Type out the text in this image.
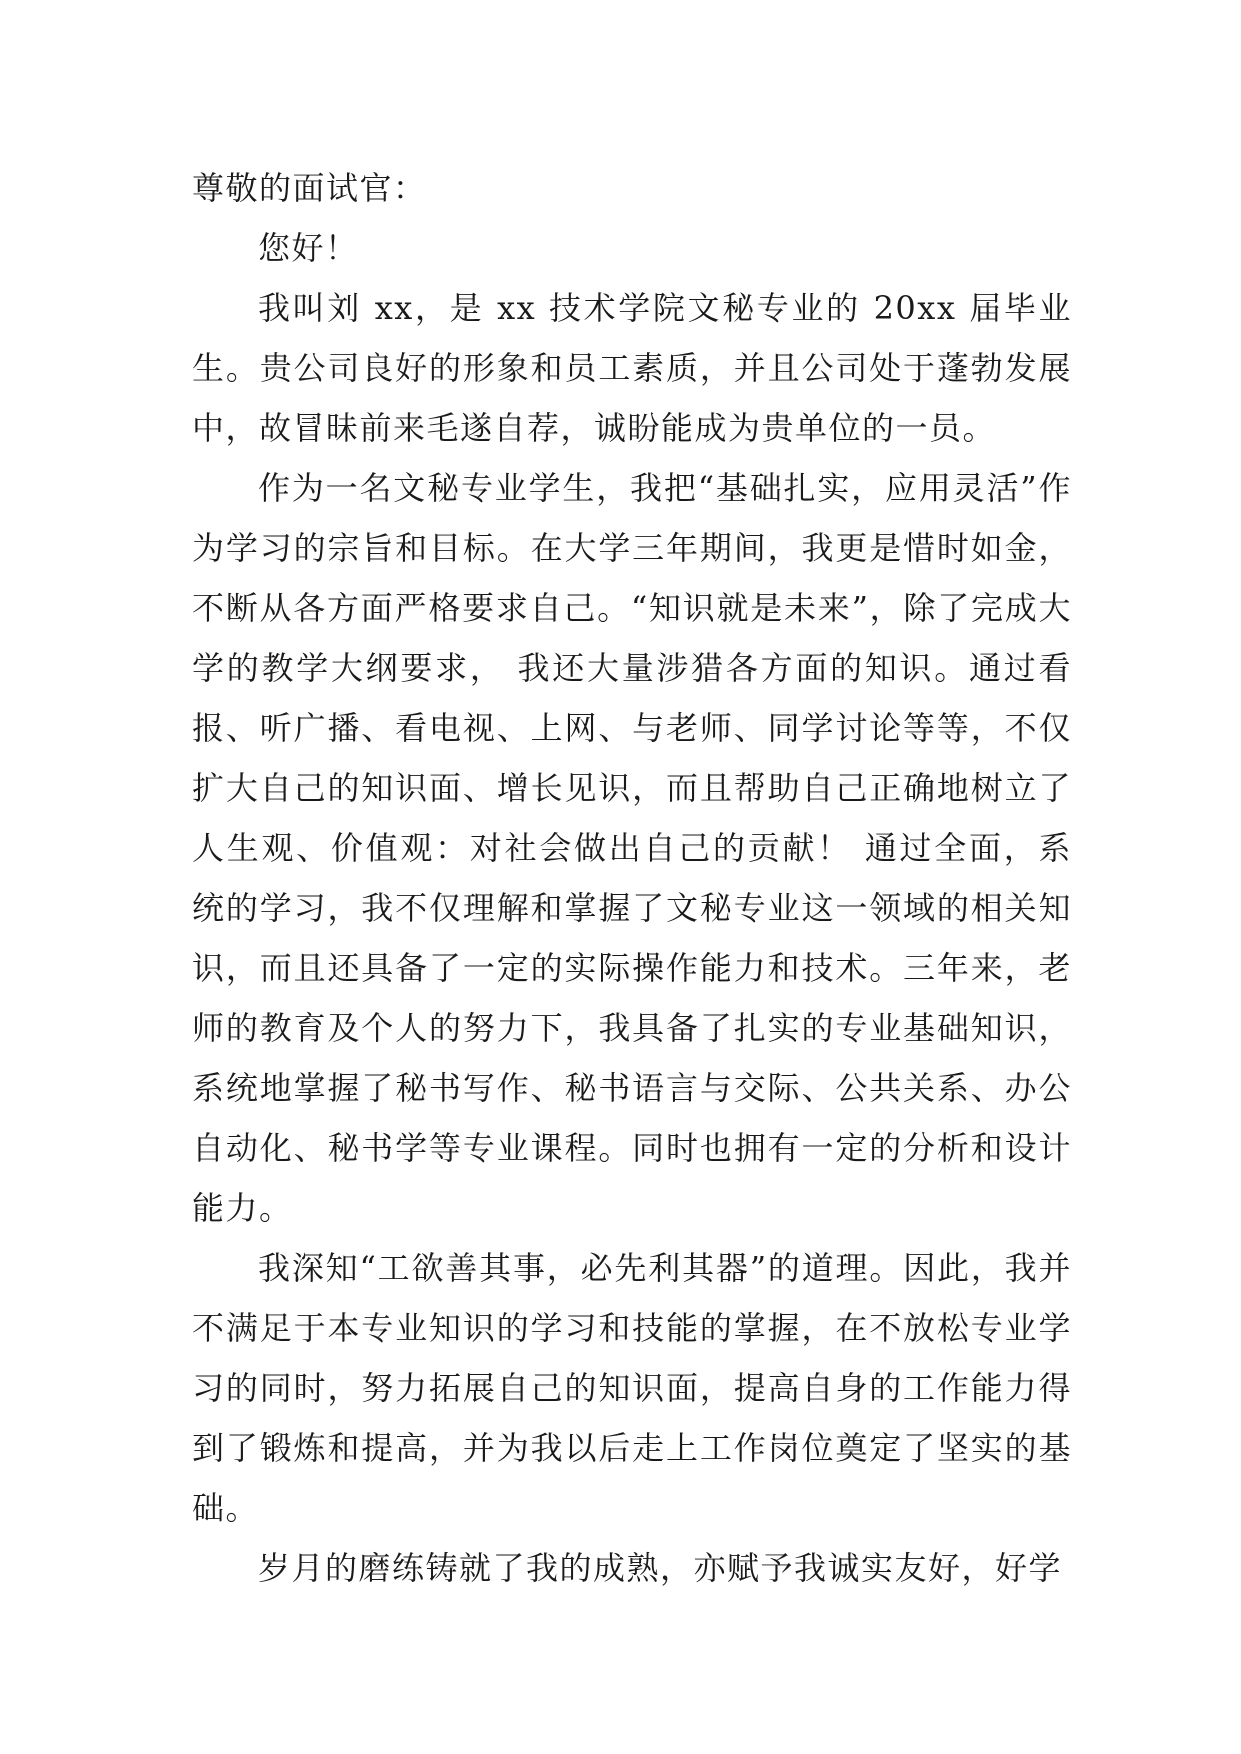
尊敬的面试官：

您好！

我叫刘 xx，是 xx 技术学院文秘专业的 20xx 届毕业生。贵公司良好的形象和员工素质，并且公司处于蓬勃发展中，故冒昧前来毛遂自荐，诚盼能成为贵单位的一员。

作为一名文秘专业学生，我把“基础扎实，应用灵活”作为学习的宗旨和目标。在大学三年期间，我更是惜时如金，不断从各方面严格要求自己。“知识就是未来”，除了完成大学的教学大纲要求， 我还大量涉猎各方面的知识。通过看报、听广播、看电视、上网、与老师、同学讨论等等，不仅扩大自己的知识面、增长见识，而且帮助自己正确地树立了人生观、价值观：对社会做出自己的贡献！ 通过全面，系统的学习，我不仅理解和掌握了文秘专业这一领域的相关知识，而且还具备了一定的实际操作能力和技术。三年来，老师的教育及个人的努力下，我具备了扎实的专业基础知识，系统地掌握了秘书写作、秘书语言与交际、公共关系、办公自动化、秘书学等专业课程。同时也拥有一定的分析和设计能力。

我深知“工欲善其事，必先利其器”的道理。因此，我并不满足于本专业知识的学习和技能的掌握，在不放松专业学习的同时，努力拓展自己的知识面，提高自身的工作能力得到了锻炼和提高，并为我以后走上工作岗位奠定了坚实的基础。

岁月的磨练铸就了我的成熟，亦赋予我诚实友好，好学
